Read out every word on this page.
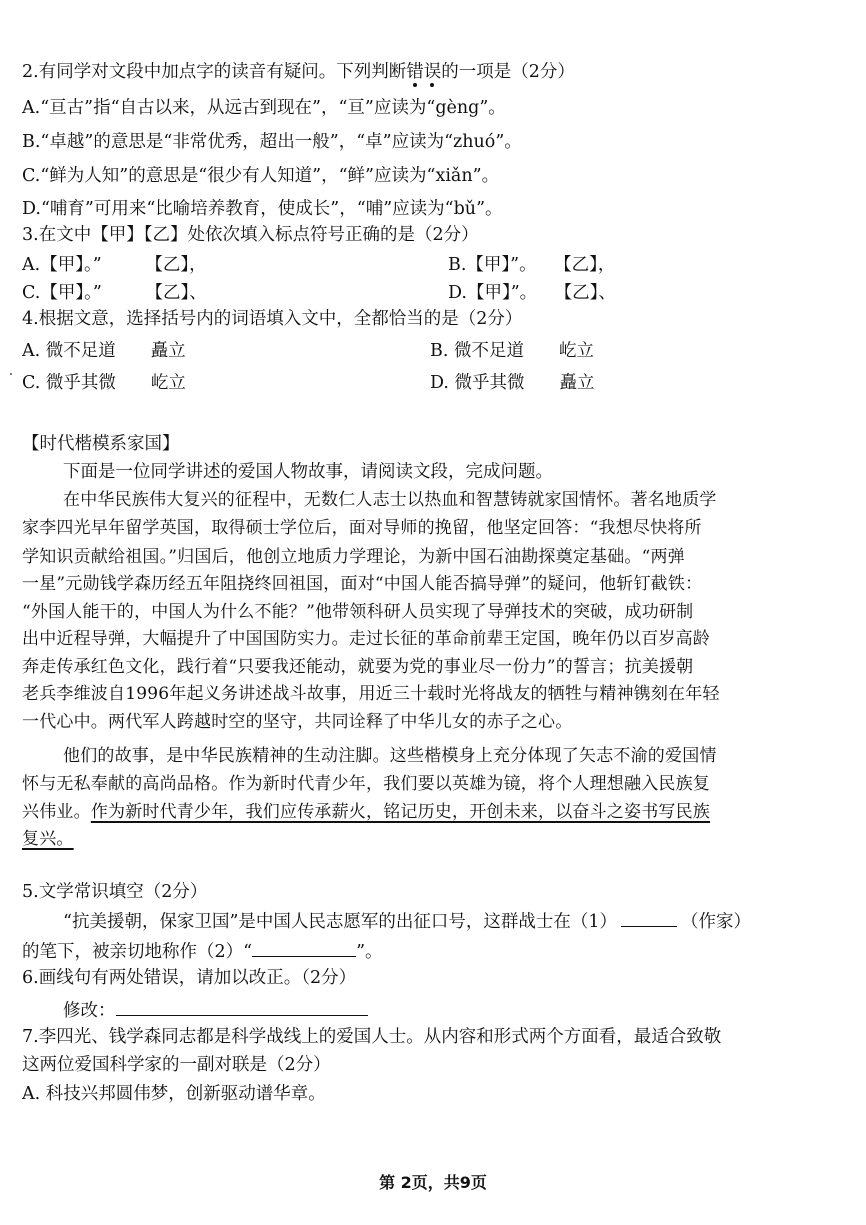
2.有同学对文段中加点字的读音有疑问。下列判断错误的一项是（2分）
A.“亘古”指“自古以来，从远古到现在”，“亘”应读为“gèng”。
B.“卓越”的意思是“非常优秀，超出一般”，“卓”应读为“zhuó”。
C.“鲜为人知”的意思是“很少有人知道”，“鲜”应读为“xiǎn”。
D.“哺育”可用来“比喻培养教育，使成长”，“哺”应读为“bǔ”。
3.在文中【甲】【乙】处依次填入标点符号正确的是（2分）
A.【甲】。”　　　【乙】，	B.【甲】”。　　【乙】，
C.【甲】。”　　　【乙】、	D.【甲】”。　　【乙】、
4.根据文意，选择括号内的词语填入文中，全都恰当的是（2分）
A. 微不足道　　矗立	B. 微不足道　　屹立
C. 微乎其微　　屹立	D. 微乎其微　　矗立
【时代楷模系家国】
下面是一位同学讲述的爱国人物故事，请阅读文段，完成问题。
在中华民族伟大复兴的征程中，无数仁人志士以热血和智慧铸就家国情怀。著名地质学
家李四光早年留学英国，取得硕士学位后，面对导师的挽留，他坚定回答：“我想尽快将所
学知识贡献给祖国。”归国后，他创立地质力学理论，为新中国石油勘探奠定基础。“两弹
一星”元勋钱学森历经五年阻挠终回祖国，面对“中国人能否搞导弹”的疑问，他斩钉截铁：
“外国人能干的，中国人为什么不能？”他带领科研人员实现了导弹技术的突破，成功研制
出中近程导弹，大幅提升了中国国防实力。走过长征的革命前辈王定国，晚年仍以百岁高龄
奔走传承红色文化，践行着“只要我还能动，就要为党的事业尽一份力”的誓言；抗美援朝
老兵李维波自1996年起义务讲述战斗故事，用近三十载时光将战友的牺牲与精神镌刻在年轻
一代心中。两代军人跨越时空的坚守，共同诠释了中华儿女的赤子之心。
他们的故事，是中华民族精神的生动注脚。这些楷模身上充分体现了矢志不渝的爱国情
怀与无私奉献的高尚品格。作为新时代青少年，我们要以英雄为镜，将个人理想融入民族复
兴伟业。作为新时代青少年，我们应传承薪火，铭记历史，开创未来，以奋斗之姿书写民族
复兴。
5.文学常识填空（2分）
“抗美援朝，保家卫国”是中国人民志愿军的出征口号，这群战士在（1）	（作家）
的笔下，被亲切地称作（2）“	”。
6.画线句有两处错误，请加以改正。（2分）
修改：
7.李四光、钱学森同志都是科学战线上的爱国人士。从内容和形式两个方面看，最适合致敬
这两位爱国科学家的一副对联是（2分）
A. 科技兴邦圆伟梦，创新驱动谱华章。
第 2页，共9页
